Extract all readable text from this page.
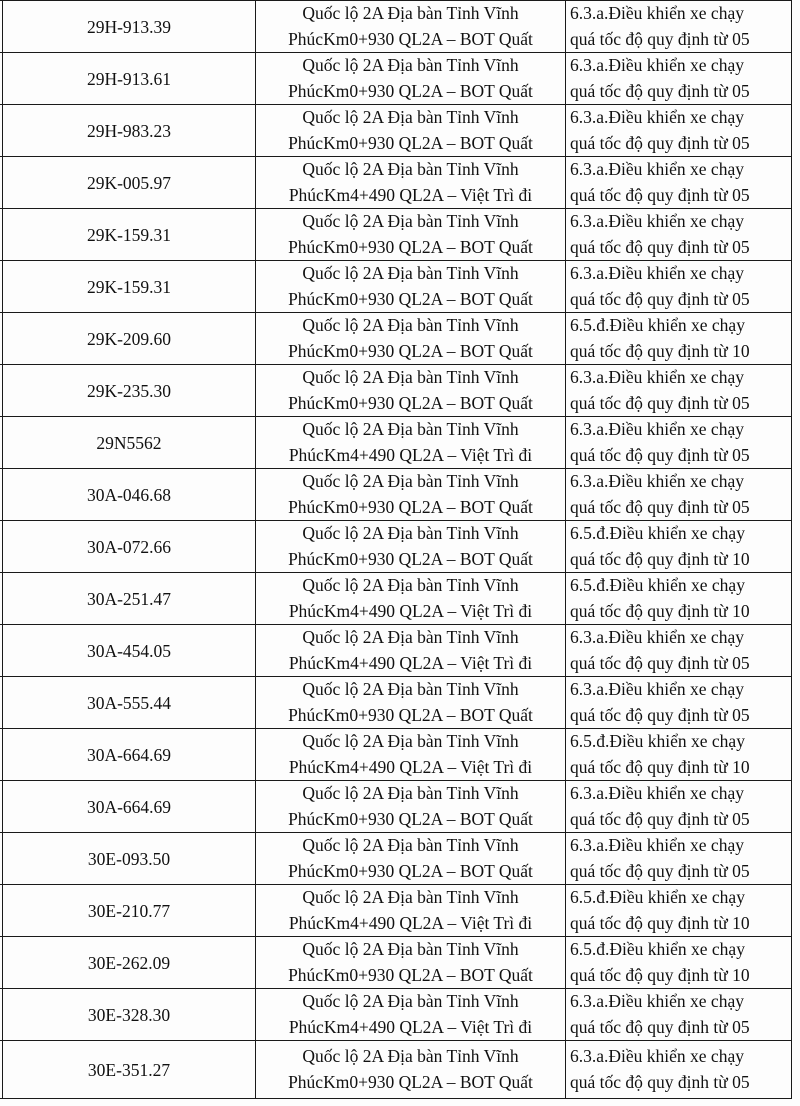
	29H-913.39	Quốc lộ 2A Địa bàn Tỉnh Vĩnh
PhúcKm0+930 QL2A – BOT Quất	6.3.a.Điều khiển xe chạy
quá tốc độ quy định từ 05

	29H-913.61	Quốc lộ 2A Địa bàn Tỉnh Vĩnh
PhúcKm0+930 QL2A – BOT Quất	6.3.a.Điều khiển xe chạy
quá tốc độ quy định từ 05

	29H-983.23	Quốc lộ 2A Địa bàn Tỉnh Vĩnh
PhúcKm0+930 QL2A – BOT Quất	6.3.a.Điều khiển xe chạy
quá tốc độ quy định từ 05

	29K-005.97	Quốc lộ 2A Địa bàn Tỉnh Vĩnh
PhúcKm4+490 QL2A – Việt Trì đi	6.3.a.Điều khiển xe chạy
quá tốc độ quy định từ 05

	29K-159.31	Quốc lộ 2A Địa bàn Tỉnh Vĩnh
PhúcKm0+930 QL2A – BOT Quất	6.3.a.Điều khiển xe chạy
quá tốc độ quy định từ 05

	29K-159.31	Quốc lộ 2A Địa bàn Tỉnh Vĩnh
PhúcKm0+930 QL2A – BOT Quất	6.3.a.Điều khiển xe chạy
quá tốc độ quy định từ 05

	29K-209.60	Quốc lộ 2A Địa bàn Tỉnh Vĩnh
PhúcKm0+930 QL2A – BOT Quất	6.5.đ.Điều khiển xe chạy
quá tốc độ quy định từ 10

	29K-235.30	Quốc lộ 2A Địa bàn Tỉnh Vĩnh
PhúcKm0+930 QL2A – BOT Quất	6.3.a.Điều khiển xe chạy
quá tốc độ quy định từ 05

	29N5562	Quốc lộ 2A Địa bàn Tỉnh Vĩnh
PhúcKm4+490 QL2A – Việt Trì đi	6.3.a.Điều khiển xe chạy
quá tốc độ quy định từ 05

	30A-046.68	Quốc lộ 2A Địa bàn Tỉnh Vĩnh
PhúcKm0+930 QL2A – BOT Quất	6.3.a.Điều khiển xe chạy
quá tốc độ quy định từ 05

	30A-072.66	Quốc lộ 2A Địa bàn Tỉnh Vĩnh
PhúcKm0+930 QL2A – BOT Quất	6.5.đ.Điều khiển xe chạy
quá tốc độ quy định từ 10

	30A-251.47	Quốc lộ 2A Địa bàn Tỉnh Vĩnh
PhúcKm4+490 QL2A – Việt Trì đi	6.5.đ.Điều khiển xe chạy
quá tốc độ quy định từ 10

	30A-454.05	Quốc lộ 2A Địa bàn Tỉnh Vĩnh
PhúcKm4+490 QL2A – Việt Trì đi	6.3.a.Điều khiển xe chạy
quá tốc độ quy định từ 05

	30A-555.44	Quốc lộ 2A Địa bàn Tỉnh Vĩnh
PhúcKm0+930 QL2A – BOT Quất	6.3.a.Điều khiển xe chạy
quá tốc độ quy định từ 05

	30A-664.69	Quốc lộ 2A Địa bàn Tỉnh Vĩnh
PhúcKm4+490 QL2A – Việt Trì đi	6.5.đ.Điều khiển xe chạy
quá tốc độ quy định từ 10

	30A-664.69	Quốc lộ 2A Địa bàn Tỉnh Vĩnh
PhúcKm0+930 QL2A – BOT Quất	6.3.a.Điều khiển xe chạy
quá tốc độ quy định từ 05

	30E-093.50	Quốc lộ 2A Địa bàn Tỉnh Vĩnh
PhúcKm0+930 QL2A – BOT Quất	6.3.a.Điều khiển xe chạy
quá tốc độ quy định từ 05

	30E-210.77	Quốc lộ 2A Địa bàn Tỉnh Vĩnh
PhúcKm4+490 QL2A – Việt Trì đi	6.5.đ.Điều khiển xe chạy
quá tốc độ quy định từ 10

	30E-262.09	Quốc lộ 2A Địa bàn Tỉnh Vĩnh
PhúcKm0+930 QL2A – BOT Quất	6.5.đ.Điều khiển xe chạy
quá tốc độ quy định từ 10

	30E-328.30	Quốc lộ 2A Địa bàn Tỉnh Vĩnh
PhúcKm4+490 QL2A – Việt Trì đi	6.3.a.Điều khiển xe chạy
quá tốc độ quy định từ 05

	30E-351.27	Quốc lộ 2A Địa bàn Tỉnh Vĩnh
PhúcKm0+930 QL2A – BOT Quất	6.3.a.Điều khiển xe chạy
quá tốc độ quy định từ 05
